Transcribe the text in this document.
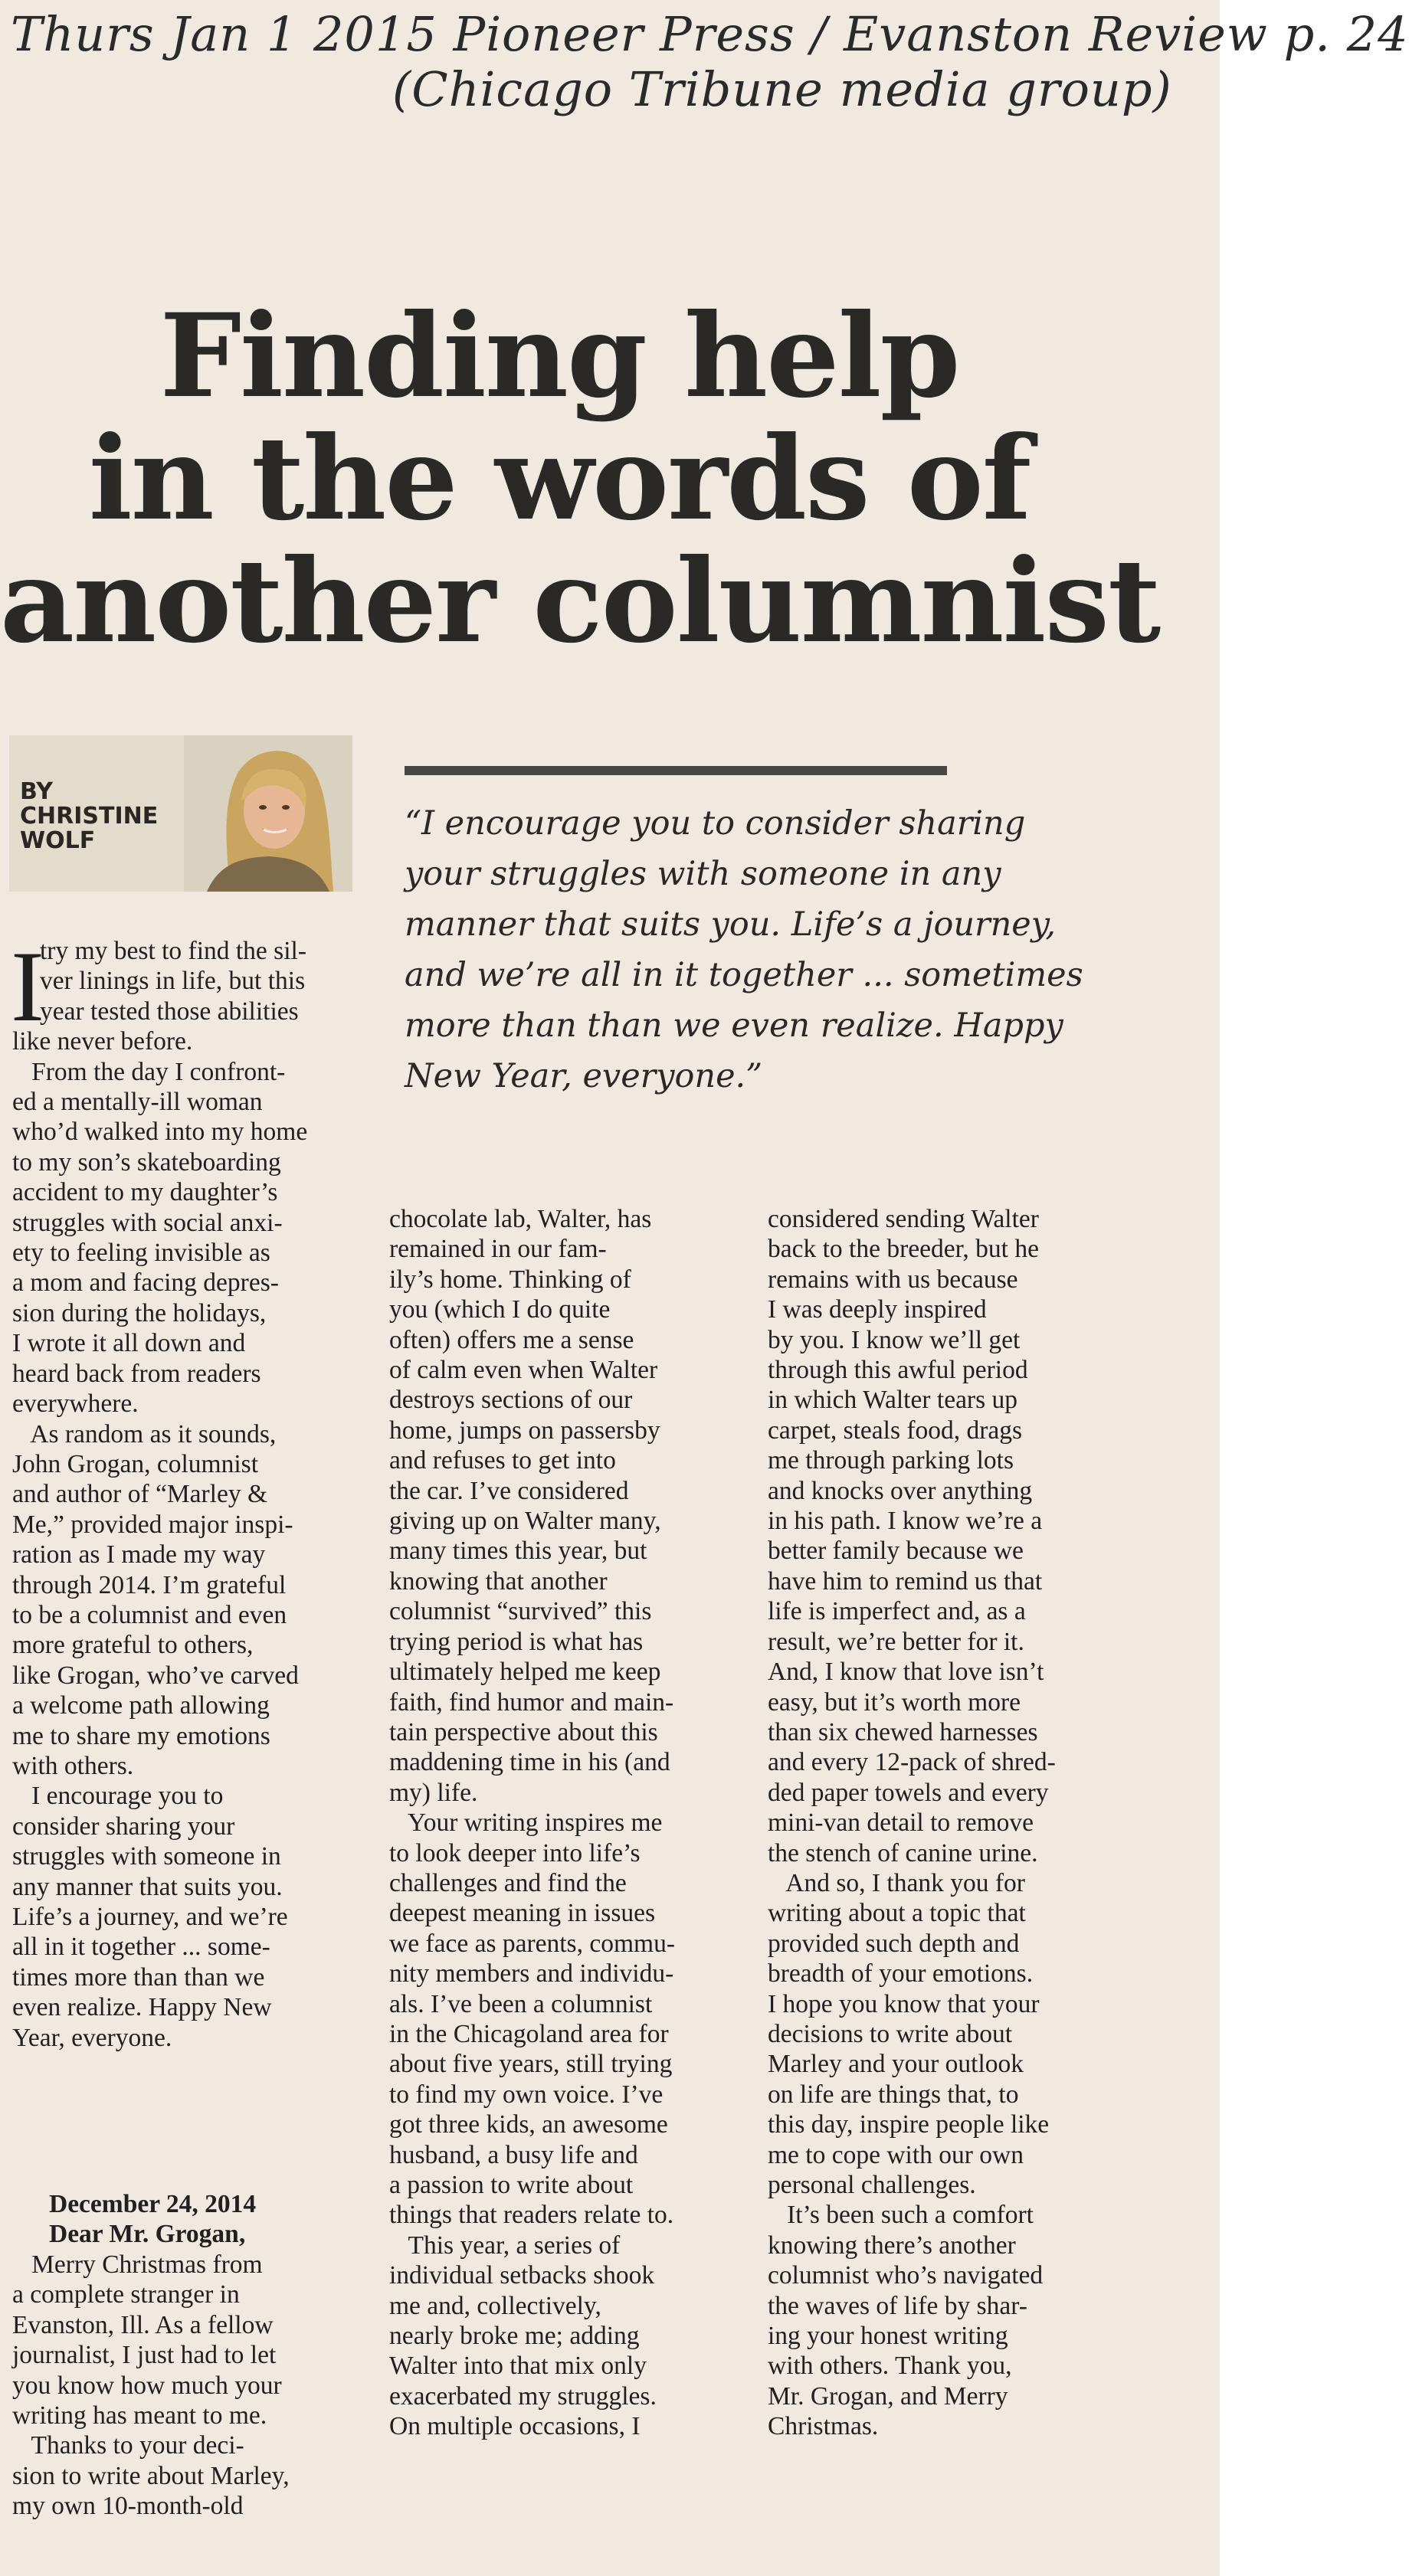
Thurs Jan 1 2015 Pioneer Press / Evanston Review p. 24
(Chicago Tribune media group)
Finding help
in the words of
another columnist
BY
CHRISTINE
WOLF	“I encourage you to consider sharing
your struggles with someone in any
manner that suits you. Life’s a journey,
and we’re all in it together ... sometimes
more than than we even realize. Happy
New Year, everyone.”
I
try my best to find the sil-
ver linings in life, but this
year tested those abilities
like never before.
From the day I confront-
ed a mentally-ill woman
who’d walked into my home
to my son’s skateboarding
accident to my daughter’s
struggles with social anxi-
ety to feeling invisible as
a mom and facing depres-
sion during the holidays,
I wrote it all down and
heard back from readers
everywhere.
As random as it sounds,
John Grogan, columnist
and author of “Marley &
Me,” provided major inspi-
ration as I made my way
through 2014. I’m grateful
to be a columnist and even
more grateful to others,
like Grogan, who’ve carved
a welcome path allowing
me to share my emotions
with others.
I encourage you to
consider sharing your
struggles with someone in
any manner that suits you.
Life’s a journey, and we’re
all in it together ... some-
times more than than we
even realize. Happy New
Year, everyone.
December 24, 2014
Dear Mr. Grogan,
Merry Christmas from
a complete stranger in
Evanston, Ill. As a fellow
journalist, I just had to let
you know how much your
writing has meant to me.
Thanks to your deci-
sion to write about Marley,
my own 10-month-old
chocolate lab, Walter, has
remained in our fam-
ily’s home. Thinking of
you (which I do quite
often) offers me a sense
of calm even when Walter
destroys sections of our
home, jumps on passersby
and refuses to get into
the car. I’ve considered
giving up on Walter many,
many times this year, but
knowing that another
columnist “survived” this
trying period is what has
ultimately helped me keep
faith, find humor and main-
tain perspective about this
maddening time in his (and
my) life.
Your writing inspires me
to look deeper into life’s
challenges and find the
deepest meaning in issues
we face as parents, commu-
nity members and individu-
als. I’ve been a columnist
in the Chicagoland area for
about five years, still trying
to find my own voice. I’ve
got three kids, an awesome
husband, a busy life and
a passion to write about
things that readers relate to.
This year, a series of
individual setbacks shook
me and, collectively,
nearly broke me; adding
Walter into that mix only
exacerbated my struggles.
On multiple occasions, I
considered sending Walter
back to the breeder, but he
remains with us because
I was deeply inspired
by you. I know we’ll get
through this awful period
in which Walter tears up
carpet, steals food, drags
me through parking lots
and knocks over anything
in his path. I know we’re a
better family because we
have him to remind us that
life is imperfect and, as a
result, we’re better for it.
And, I know that love isn’t
easy, but it’s worth more
than six chewed harnesses
and every 12-pack of shred-
ded paper towels and every
mini-van detail to remove
the stench of canine urine.
And so, I thank you for
writing about a topic that
provided such depth and
breadth of your emotions.
I hope you know that your
decisions to write about
Marley and your outlook
on life are things that, to
this day, inspire people like
me to cope with our own
personal challenges.
It’s been such a comfort
knowing there’s another
columnist who’s navigated
the waves of life by shar-
ing your honest writing
with others. Thank you,
Mr. Grogan, and Merry
Christmas.
